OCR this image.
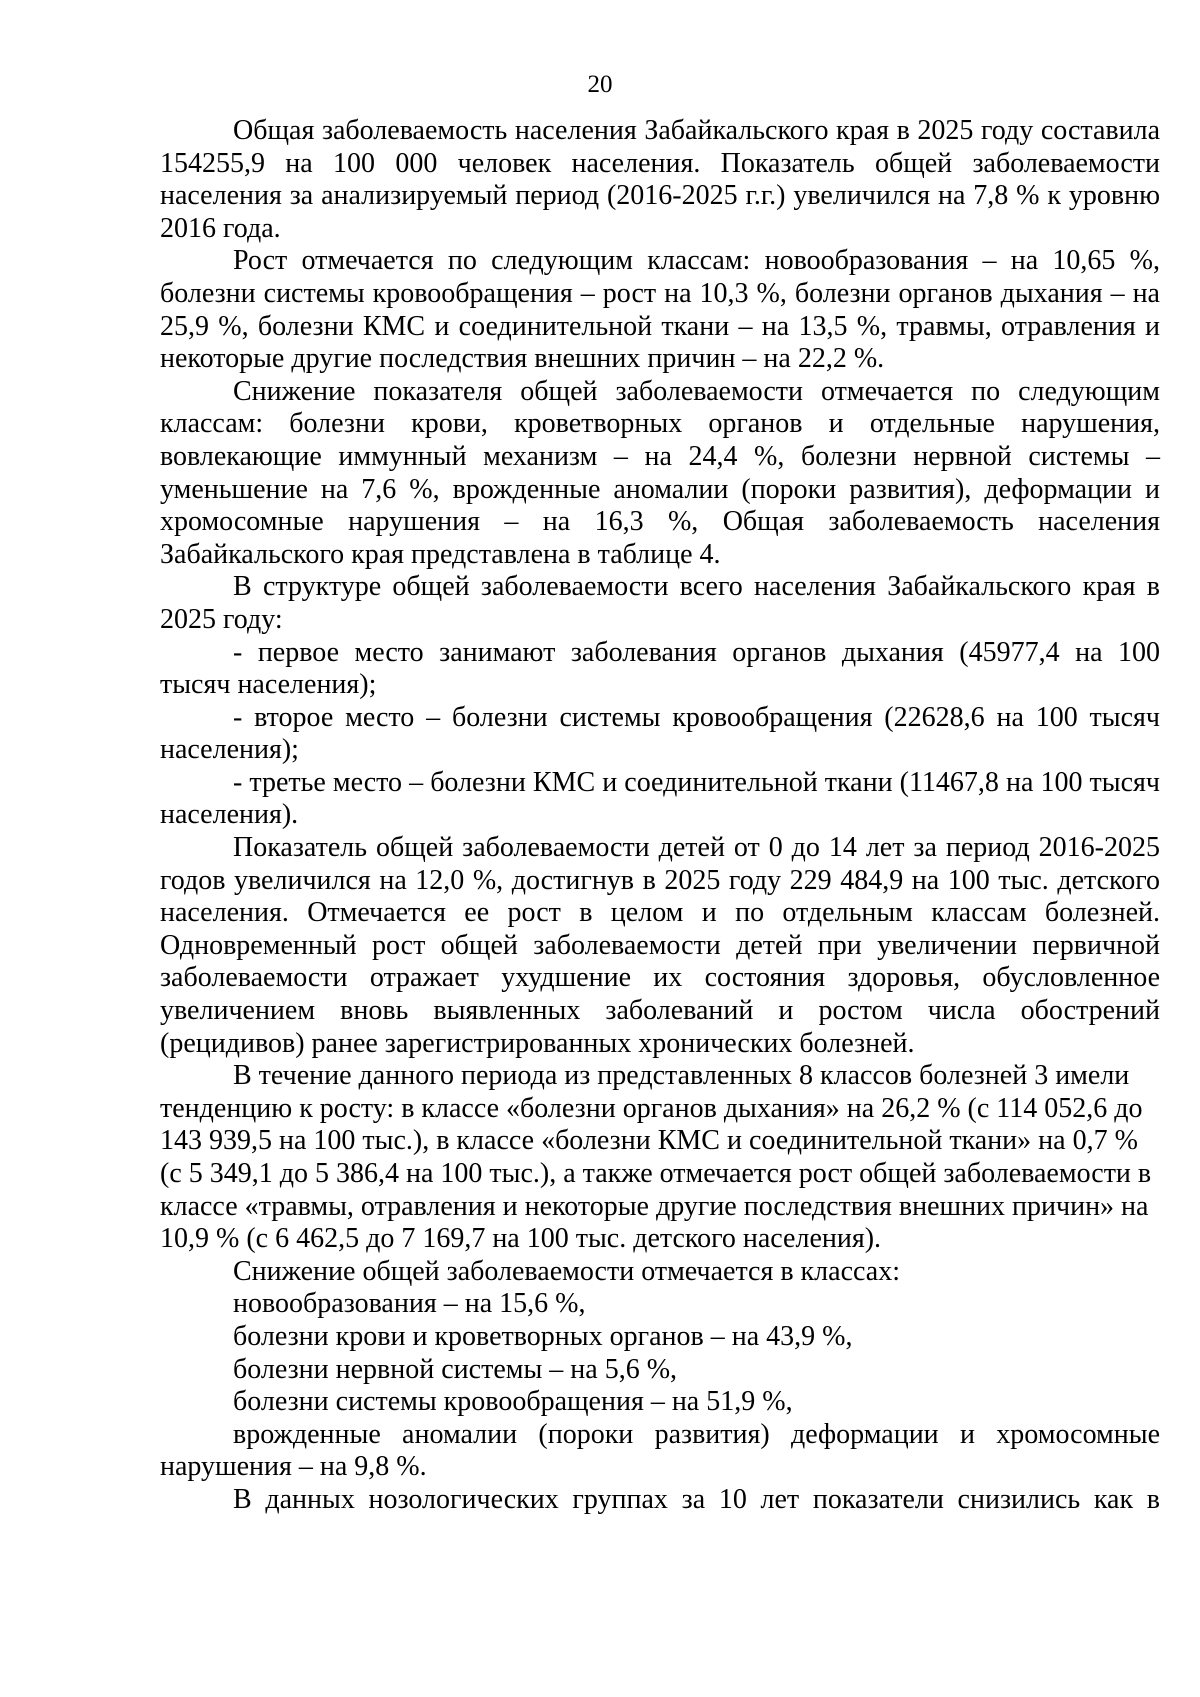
20

Общая заболеваемость населения Забайкальского края в 2025 году составила 154255,9 на 100 000 человек населения. Показатель общей заболеваемости населения за анализируемый период (2016-2025 г.г.) увеличился на 7,8 % к уровню 2016 года.

Рост отмечается по следующим классам: новообразования – на 10,65 %, болезни системы кровообращения – рост на 10,3 %, болезни органов дыхания – на 25,9 %, болезни КМС и соединительной ткани – на 13,5 %, травмы, отравления и некоторые другие последствия внешних причин – на 22,2 %.

Снижение показателя общей заболеваемости отмечается по следующим классам: болезни крови, кроветворных органов и отдельные нарушения, вовлекающие иммунный механизм – на 24,4 %, болезни нервной системы – уменьшение на 7,6 %, врожденные аномалии (пороки развития), деформации и хромосомные нарушения – на 16,3 %, Общая заболеваемость населения Забайкальского края представлена в таблице 4.

В структуре общей заболеваемости всего населения Забайкальского края в 2025 году:

- первое место занимают заболевания органов дыхания (45977,4 на 100 тысяч населения);

- второе место – болезни системы кровообращения (22628,6 на 100 тысяч населения);

- третье место – болезни КМС и соединительной ткани (11467,8 на 100 тысяч населения).

Показатель общей заболеваемости детей от 0 до 14 лет за период 2016-2025 годов увеличился на 12,0 %, достигнув в 2025 году 229 484,9 на 100 тыс. детского населения. Отмечается ее рост в целом и по отдельным классам болезней. Одновременный рост общей заболеваемости детей при увеличении первичной заболеваемости отражает ухудшение их состояния здоровья, обусловленное увеличением вновь выявленных заболеваний и ростом числа обострений (рецидивов) ранее зарегистрированных хронических болезней.

В течение данного периода из представленных 8 классов болезней 3 имели тенденцию к росту: в классе «болезни органов дыхания» на 26,2 % (с 114 052,6 до 143 939,5 на 100 тыс.), в классе «болезни КМС и соединительной ткани» на 0,7 % (с 5 349,1 до 5 386,4 на 100 тыс.), а также отмечается рост общей заболеваемости в классе «травмы, отравления и некоторые другие последствия внешних причин» на 10,9 % (с 6 462,5 до 7 169,7 на 100 тыс. детского населения).

Снижение общей заболеваемости отмечается в классах:

новообразования – на 15,6 %,

болезни крови и кроветворных органов – на 43,9 %,

болезни нервной системы – на 5,6 %,

болезни системы кровообращения – на 51,9 %,

врожденные аномалии (пороки развития) деформации и хромосомные нарушения – на 9,8 %.

В данных нозологических группах за 10 лет показатели снизились как в
